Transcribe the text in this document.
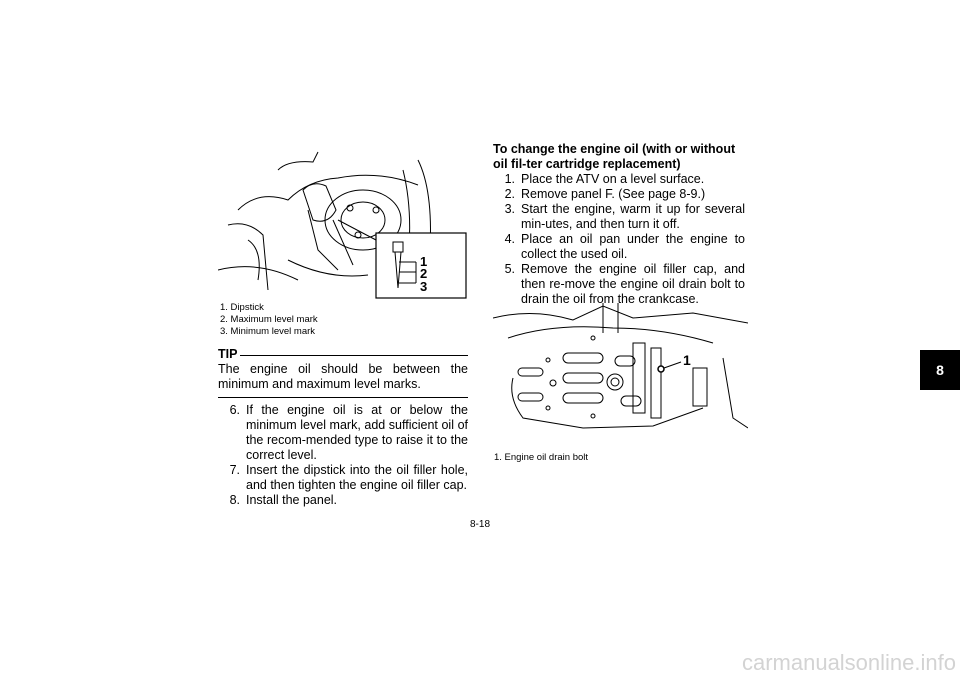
1
2
3
1. Dipstick
2. Maximum level mark
3. Minimum level mark
TIP
The engine oil should be between the minimum and maximum level marks.
6. If the engine oil is at or below the minimum level mark, add sufficient oil of the recom-mended type to raise it to the correct level.
7. Insert the dipstick into the oil filler hole, and then tighten the engine oil filler cap.
8. Install the panel.
To change the engine oil (with or without oil fil-ter cartridge replacement)
1. Place the ATV on a level surface.
2. Remove panel F. (See page 8-9.)
3. Start the engine, warm it up for several min-utes, and then turn it off.
4. Place an oil pan under the engine to collect the used oil.
5. Remove the engine oil filler cap, and then re-move the engine oil drain bolt to drain the oil from the crankcase.
1
1. Engine oil drain bolt
8
8-18
carmanualsonline.info
